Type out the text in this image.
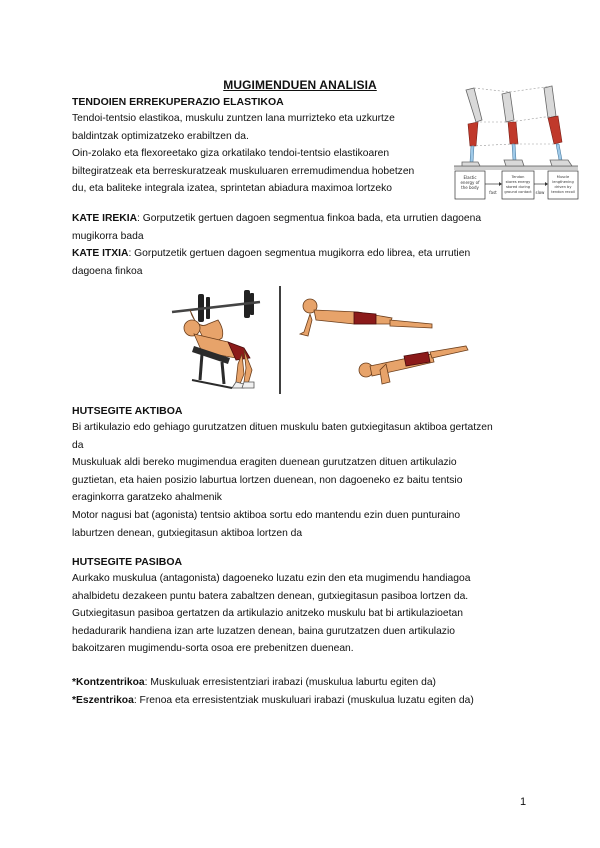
MUGIMENDUEN ANALISIA
TENDOIEN ERREKUPERAZIO ELASTIKOA
Tendoi-tentsio elastikoa, muskulu zuntzen lana murrizteko eta uzkurtze
baldintzak optimizatzeko erabiltzen da.
Oin-zolako eta flexoreetako giza orkatilako tendoi-tentsio elastikoaren
biltegiratzeak eta berreskuratzeak muskuluaren erremudimendua hobetzen
du, eta baliteke integrala izatea, sprintetan abiadura maximoa lortzeko
Elastic
energy of
the body
fast
Tendon
stores energy
stored during
ground contact slow
Muscle
lengthening
driven by
tendon recoil
KATE IREKIA: Gorputzetik gertuen dagoen segmentua finkoa bada, eta urrutien dagoena
mugikorra bada
KATE ITXIA: Gorputzetik gertuen dagoen segmentua mugikorra edo librea, eta urrutien
dagoena finkoa
HUTSEGITE AKTIBOA
Bi artikulazio edo gehiago gurutzatzen dituen muskulu baten gutxiegitasun aktiboa gertatzen
da
Muskuluak aldi bereko mugimendua eragiten duenean gurutzatzen dituen artikulazio
guztietan, eta haien posizio laburtua lortzen duenean, non dagoeneko ez baitu tentsio
eraginkorra garatzeko ahalmenik
Motor nagusi bat (agonista) tentsio aktiboa sortu edo mantendu ezin duen punturaino
laburtzen denean, gutxiegitasun aktiboa lortzen da
HUTSEGITE PASIBOA
Aurkako muskulua (antagonista) dagoeneko luzatu ezin den eta mugimendu handiagoa
ahalbidetu dezakeen puntu batera zabaltzen denean, gutxiegitasun pasiboa lortzen da.
Gutxiegitasun pasiboa gertatzen da artikulazio anitzeko muskulu bat bi artikulazioetan
hedadurarik handiena izan arte luzatzen denean, baina gurutzatzen duen artikulazio
bakoitzaren mugimendu-sorta osoa ere prebenitzen duenean.
*Kontzentrikoa: Muskuluak erresistentziari irabazi (muskulua laburtu egiten da)
*Eszentrikoa: Frenoa eta erresistentziak muskuluari irabazi (muskulua luzatu egiten da)
1
